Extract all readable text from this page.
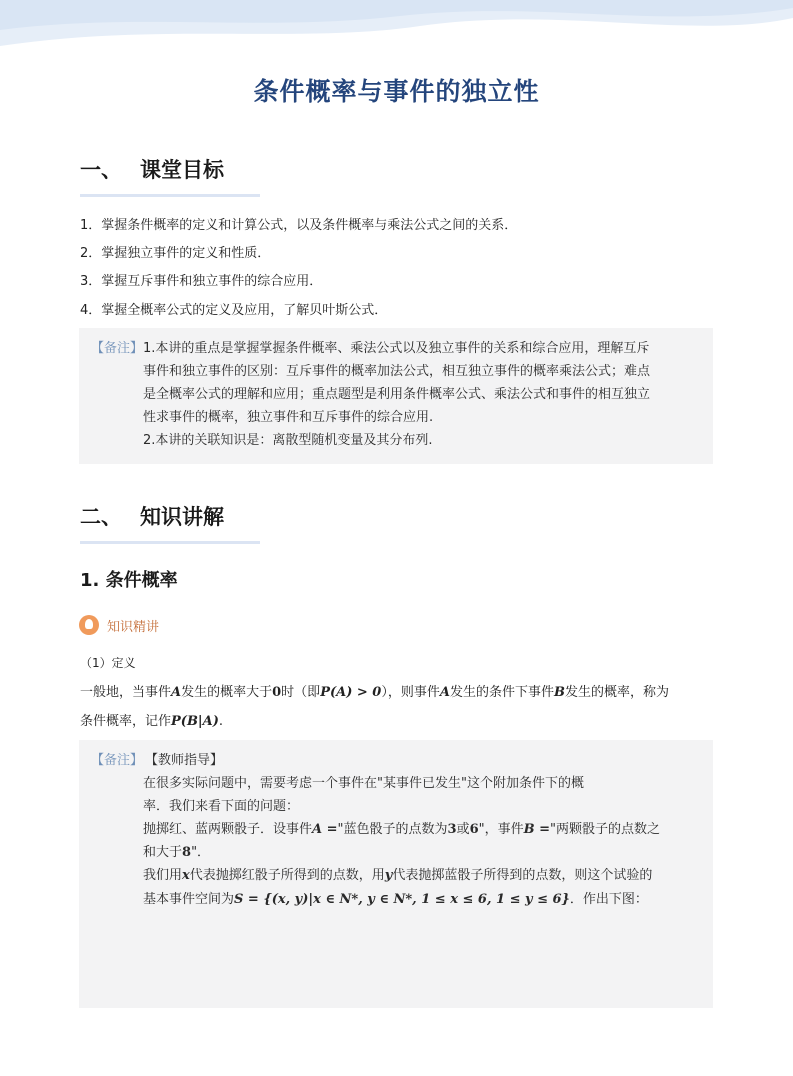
条件概率与事件的独立性
一、 课堂目标
1．掌握条件概率的定义和计算公式，以及条件概率与乘法公式之间的关系．
2．掌握独立事件的定义和性质．
3．掌握互斥事件和独立事件的综合应用．
4．掌握全概率公式的定义及应用，了解贝叶斯公式．
【备注】 1.本讲的重点是掌握掌握条件概率、乘法公式以及独立事件的关系和综合应用，理解互斥
事件和独立事件的区别：互斥事件的概率加法公式，相互独立事件的概率乘法公式；难点
是全概率公式的理解和应用；重点题型是利用条件概率公式、乘法公式和事件的相互独立
性求事件的概率，独立事件和互斥事件的综合应用.
2.本讲的关联知识是：离散型随机变量及其分布列.
二、 知识讲解
1. 条件概率
知识精讲
（1）定义
一般地，当事件A发生的概率大于0时（即P(A) > 0），则事件A发生的条件下事件B发生的概率，称为
条件概率，记作P(B|A).
【备注】 【教师指导】
在很多实际问题中，需要考虑一个事件在"某事件已发生"这个附加条件下的概
率．我们来看下面的问题：
抛掷红、蓝两颗骰子．设事件A ="蓝色骰子的点数为3或6"，事件B ="两颗骰子的点数之
和大于8"．
我们用x代表抛掷红骰子所得到的点数，用y代表抛掷蓝骰子所得到的点数，则这个试验的
基本事件空间为S = {(x, y)|x ∈ N*, y ∈ N*, 1 ≤ x ≤ 6, 1 ≤ y ≤ 6}．作出下图：
